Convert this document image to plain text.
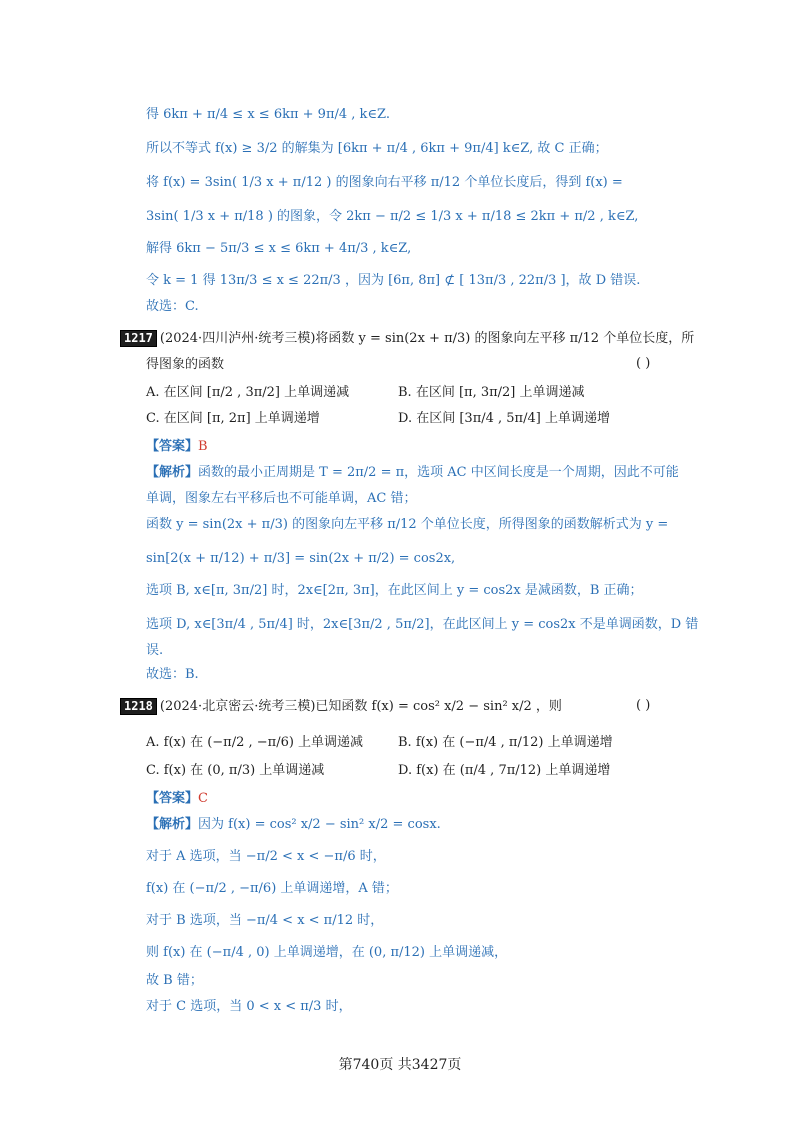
得 6kπ + π/4 ≤ x ≤ 6kπ + 9π/4 , k∈Z.
所以不等式 f(x) ≥ 3/2 的解集为 [6kπ + π/4 , 6kπ + 9π/4] k∈Z, 故 C 正确；
将 f(x) = 3sin( 1/3 x + π/12 ) 的图象向右平移 π/12 个单位长度后，得到 f(x) =
3sin( 1/3 x + π/18 ) 的图象，令 2kπ − π/2 ≤ 1/3 x + π/18 ≤ 2kπ + π/2 , k∈Z,
解得 6kπ − 5π/3 ≤ x ≤ 6kπ + 4π/3 , k∈Z,
令 k = 1 得 13π/3 ≤ x ≤ 22π/3 ，因为 [6π, 8π] ⊄ [ 13π/3 , 22π/3 ]，故 D 错误.
故选：C.
1217 (2024·四川泸州·统考三模)将函数 y = sin(2x + π/3) 的图象向左平移 π/12 个单位长度，所
得图象的函数	( )
A. 在区间 [π/2 , 3π/2] 上单调递减	B. 在区间 [π, 3π/2] 上单调递减
C. 在区间 [π, 2π] 上单调递增	D. 在区间 [3π/4 , 5π/4] 上单调递增
【答案】B
【解析】函数的最小正周期是 T = 2π/2 = π，选项 AC 中区间长度是一个周期，因此不可能
单调，图象左右平移后也不可能单调，AC 错；
函数 y = sin(2x + π/3) 的图象向左平移 π/12 个单位长度，所得图象的函数解析式为 y =
sin[2(x + π/12) + π/3] = sin(2x + π/2) = cos2x,
选项 B, x∈[π, 3π/2] 时，2x∈[2π, 3π]，在此区间上 y = cos2x 是减函数，B 正确；
选项 D, x∈[3π/4 , 5π/4] 时，2x∈[3π/2 , 5π/2]，在此区间上 y = cos2x 不是单调函数，D 错
误.
故选：B.
1218 (2024·北京密云·统考三模)已知函数 f(x) = cos² x/2 − sin² x/2 ，则	( )
A. f(x) 在 (−π/2 , −π/6) 上单调递减	B. f(x) 在 (−π/4 , π/12) 上单调递增
C. f(x) 在 (0, π/3) 上单调递减	D. f(x) 在 (π/4 , 7π/12) 上单调递增
【答案】C
【解析】因为 f(x) = cos² x/2 − sin² x/2 = cosx.
对于 A 选项，当 −π/2 < x < −π/6 时，
f(x) 在 (−π/2 , −π/6) 上单调递增，A 错；
对于 B 选项，当 −π/4 < x < π/12 时，
则 f(x) 在 (−π/4 , 0) 上单调递增，在 (0, π/12) 上单调递减，
故 B 错；
对于 C 选项，当 0 < x < π/3 时，
第740页 共3427页
